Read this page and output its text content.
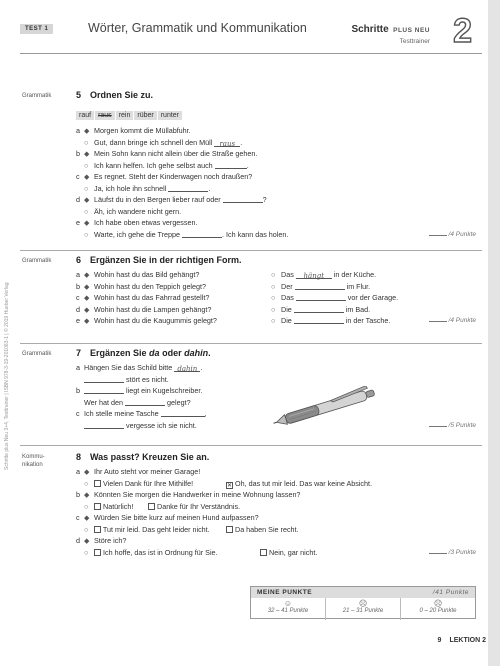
TEST 1	Wörter, Grammatik und Kommunikation	Schritte PLUS NEU
Testtrainer 2
Grammatik	5 Ordnen Sie zu.
rauf raus rein rüber runter
a ◆ Morgen kommt die Müllabfuhr.
○ Gut, dann bringe ich schnell den Müll raus .
b ◆ Mein Sohn kann nicht allein über die Straße gehen.
○ Ich kann helfen. Ich gehe selbst auch	.
c ◆ Es regnet. Steht der Kinderwagen noch draußen?
○ Ja, ich hole ihn schnell	.
d ◆ Läufst du in den Bergen lieber rauf oder	?
○ Äh, ich wandere nicht gern.
e ◆ Ich habe oben etwas vergessen.
○ Warte, ich gehe die Treppe	. Ich kann das holen.	/4 Punkte
Grammatik	6 Ergänzen Sie in der richtigen Form.
a ◆ Wohin hast du das Bild gehängt?	○ Das hängt in der Küche.
b ◆ Wohin hast du den Teppich gelegt?	○ Der	im Flur.
c ◆ Wohin hast du das Fahrrad gestellt?	○ Das	vor der Garage.
d ◆ Wohin hast du die Lampen gehängt?	○ Die	im Bad.
e ◆ Wohin hast du die Kaugummis gelegt?	○ Die	in der Tasche.	/4 Punkte
Grammatik	7 Ergänzen Sie da oder dahin.
a Hängen Sie das Schild bitte dahin .
stört es nicht.
b	liegt ein Kugelschreiber.
Wer hat den	gelegt?
c Ich stelle meine Tasche	,
vergesse ich sie nicht.	/5 Punkte
Kommu-
nikation
8 Was passt? Kreuzen Sie an.
a ◆ Ihr Auto steht vor meiner Garage!
○ Vielen Dank für Ihre Mithilfe!	✕ Oh, das tut mir leid. Das war keine Absicht.
b ◆ Könnten Sie morgen die Handwerker in meine Wohnung lassen?
○ Natürlich!	Danke für Ihr Verständnis.
c ◆ Würden Sie bitte kurz auf meinen Hund aufpassen?
○ Tut mir leid. Das geht leider nicht.	Da haben Sie recht.
d ◆ Störe ich?
○ Ich hoffe, das ist in Ordnung für Sie.	Nein, gar nicht.	/3 Punkte
Schritte plus Neu 3+4, Testtrainer | ISBN 978-3-19-201083-1 | © 2019 Hueber Verlag
MEINE PUNKTE	/41 Punkte
☺
32 – 41 Punkte
☹
21 – 31 Punkte
☹
0 – 20 Punkte
9 LEKTION 2
